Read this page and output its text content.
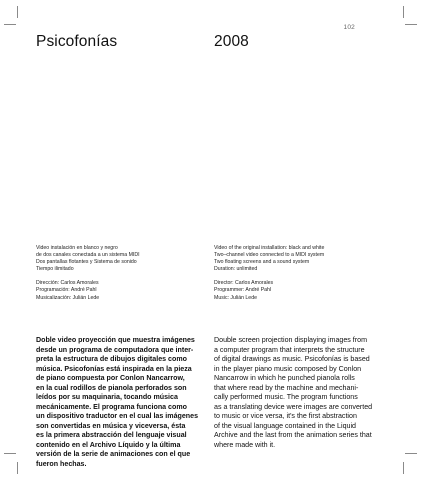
102
Psicofonías	2008
Video instalación en blanco y negro
de dos canales conectada a un sistema MIDI
Dos pantallas flotantes y Sistema de sonido
Tiempo ilimitado
Dirección: Carlos Amorales
Programación: André Pahl
Musicalización: Julián Lede
Video of the original installation: black and white
Two–channel video connected to a MIDI system
Two floating screens and a sound system
Duration: unlimited
Director: Carlos Amorales
Programmer: André Pahl
Music: Julián Lede
Doble video proyección que muestra imágenes
desde un programa de computadora que inter-
preta la estructura de dibujos digitales como
música. Psicofonías está inspirada en la pieza
de piano compuesta por Conlon Nancarrow,
en la cual rodillos de pianola perforados son
leídos por su maquinaria, tocando música
mecánicamente. El programa funciona como
un dispositivo traductor en el cual las imágenes
son convertidas en música y viceversa, ésta
es la primera abstracción del lenguaje visual
contenido en el Archivo Líquido y la última
versión de la serie de animaciones con el que
fueron hechas.
Double screen projection displaying images from
a computer program that interprets the structure
of digital drawings as music. Psicofonías is based
in the player piano music composed by Conlon
Nancarrow in which he punched pianola rolls
that where read by the machine and mechani-
cally performed music. The program functions
as a translating device were images are converted
to music or vice versa, it's the first abstraction
of the visual language contained in the Liquid
Archive and the last from the animation series that
where made with it.
